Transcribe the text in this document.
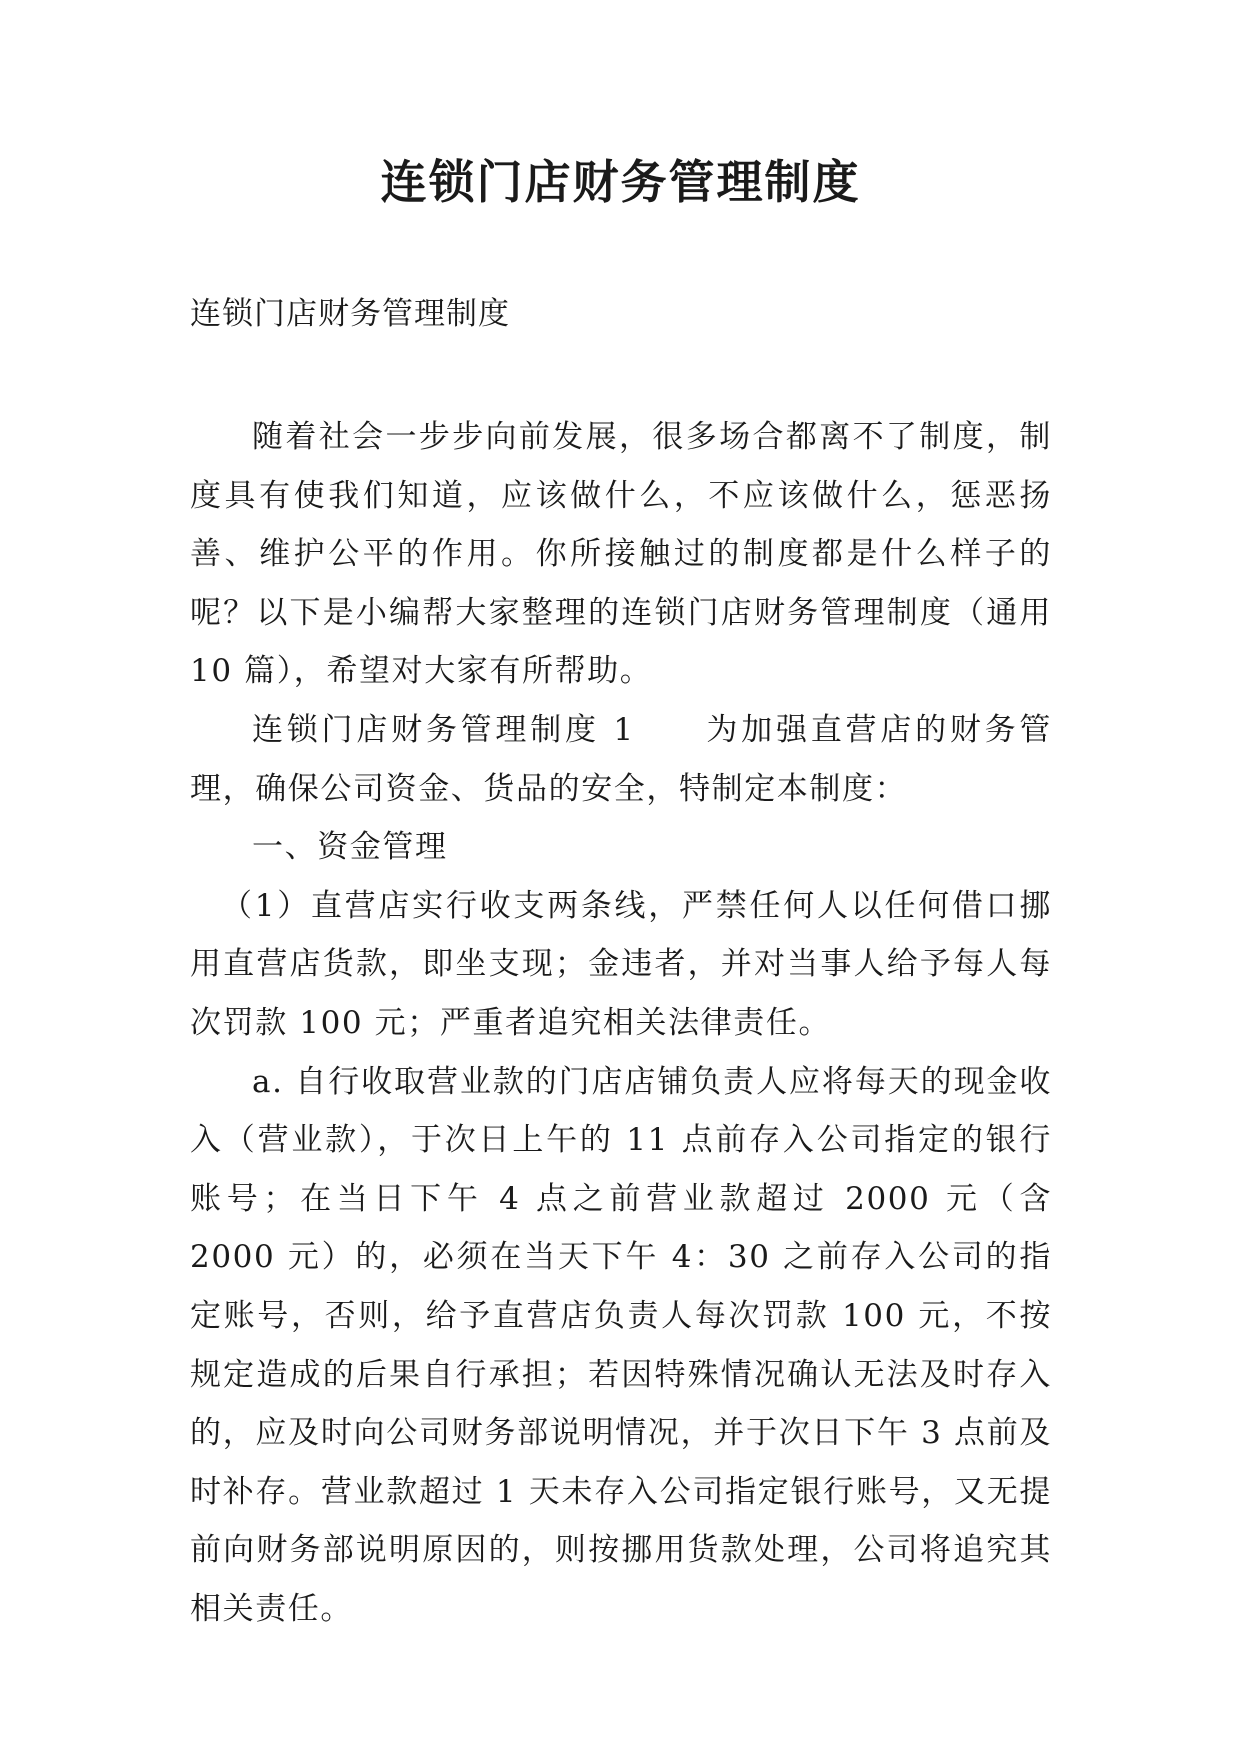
连锁门店财务管理制度

连锁门店财务管理制度

随着社会一步步向前发展，很多场合都离不了制度，制度具有使我们知道，应该做什么，不应该做什么，惩恶扬善、维护公平的作用。你所接触过的制度都是什么样子的呢？以下是小编帮大家整理的连锁门店财务管理制度（通用 10 篇），希望对大家有所帮助。

连锁门店财务管理制度 1　　为加强直营店的财务管理，确保公司资金、货品的安全，特制定本制度：

一、资金管理

（1）直营店实行收支两条线，严禁任何人以任何借口挪用直营店货款，即坐支现；金违者，并对当事人给予每人每次罚款 100 元；严重者追究相关法律责任。

a. 自行收取营业款的门店店铺负责人应将每天的现金收入（营业款），于次日上午的 11 点前存入公司指定的银行账号；在当日下午 4 点之前营业款超过 2000 元（含 2000 元）的，必须在当天下午 4：30 之前存入公司的指定账号，否则，给予直营店负责人每次罚款 100 元，不按规定造成的后果自行承担；若因特殊情况确认无法及时存入的，应及时向公司财务部说明情况，并于次日下午 3 点前及时补存。营业款超过 1 天未存入公司指定银行账号，又无提前向财务部说明原因的，则按挪用货款处理，公司将追究其相关责任。
